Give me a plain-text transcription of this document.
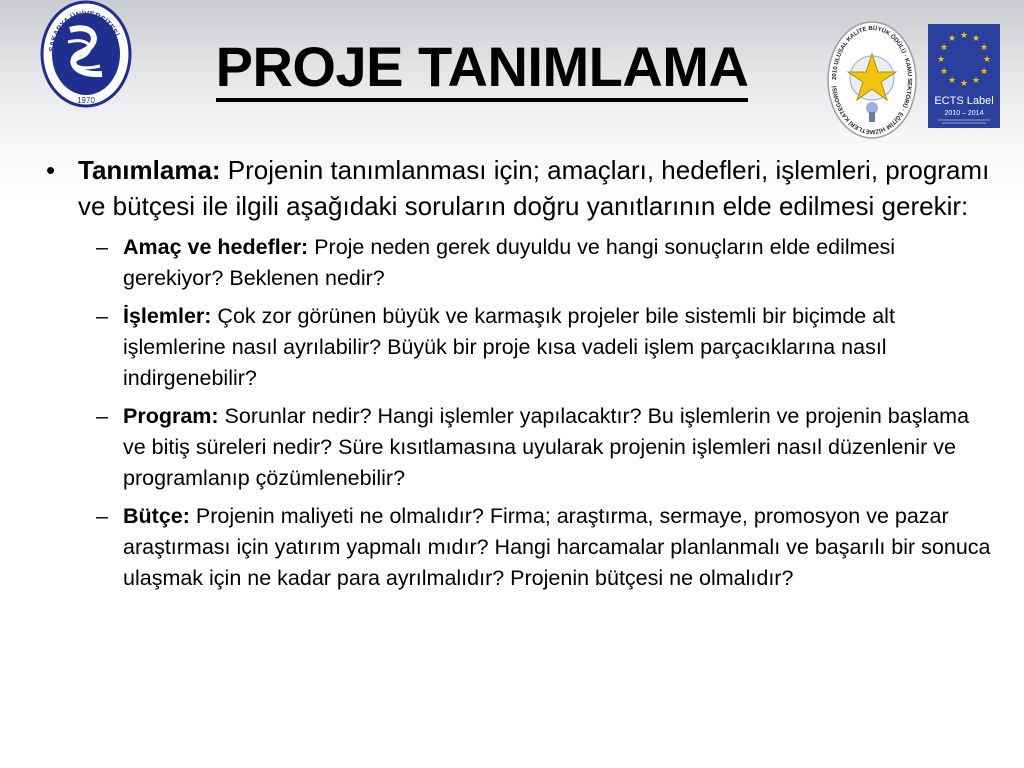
SAKARYA ÜNİVERSİTESİ
1970
PROJE TANIMLAMA	2010 ULUSAL KALİTE BÜYÜK ÖDÜLÜ · KAMU SEKTÖRÜ · EĞİTİM HİZMETLERİ KATEGORİSİ
★ ★
★
★
★
★
★
★
★
★
★
★
ECTS Label
2010 – 2014
• Tanımlama: Projenin tanımlanması için; amaçları, hedefleri, işlemleri, programı ve bütçesi ile ilgili aşağıdaki soruların doğru yanıtlarının elde edilmesi gerekir:
– Amaç ve hedefler: Proje neden gerek duyuldu ve hangi sonuçların elde edilmesi gerekiyor? Beklenen nedir?
– İşlemler: Çok zor görünen büyük ve karmaşık projeler bile sistemli bir biçimde alt işlemlerine nasıl ayrılabilir? Büyük bir proje kısa vadeli işlem parçacıklarına nasıl indirgenebilir?
– Program: Sorunlar nedir? Hangi işlemler yapılacaktır? Bu işlemlerin ve projenin başlama ve bitiş süreleri nedir? Süre kısıtlamasına uyularak projenin işlemleri nasıl düzenlenir ve programlanıp çözümlenebilir?
– Bütçe: Projenin maliyeti ne olmalıdır? Firma; araştırma, sermaye, promosyon ve pazar araştırması için yatırım yapmalı mıdır? Hangi harcamalar planlanmalı ve başarılı bir sonuca ulaşmak için ne kadar para ayrılmalıdır? Projenin bütçesi ne olmalıdır?
